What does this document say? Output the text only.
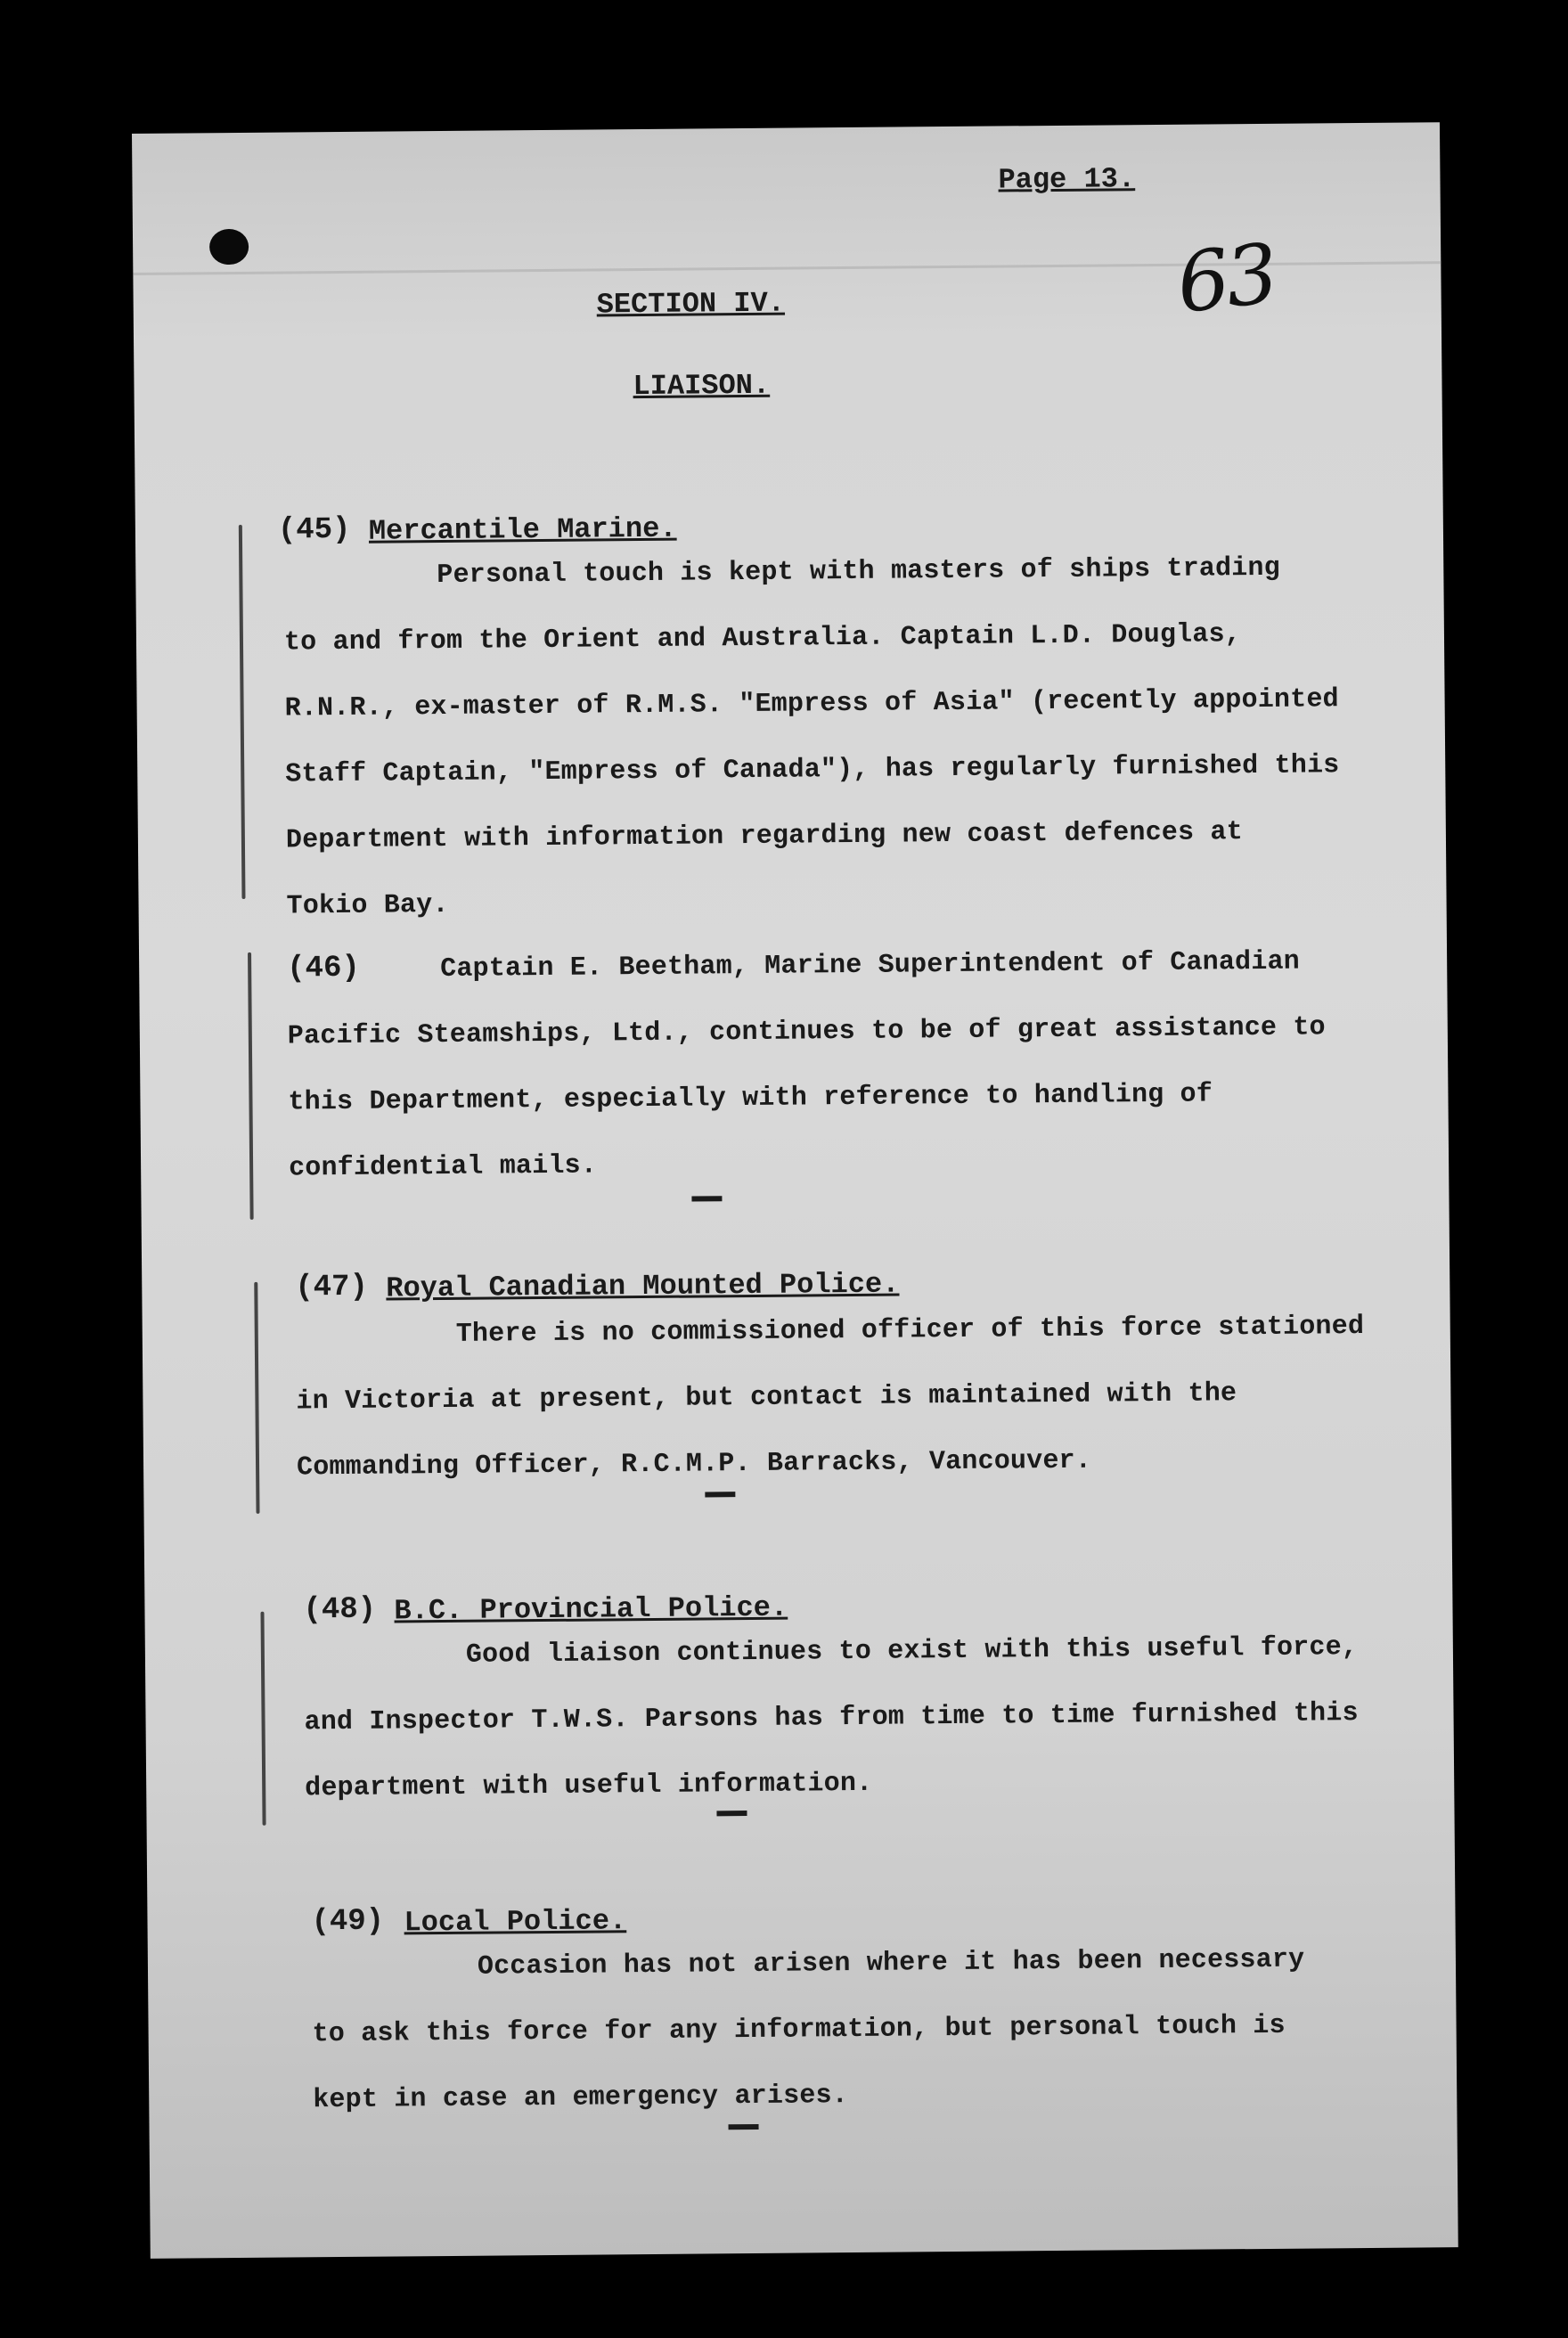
Page 13.
63
SECTION IV.
LIAISON.
(45) Mercantile Marine.
Personal touch is kept with masters of ships trading
to and from the Orient and Australia. Captain L.D. Douglas,
R.N.R., ex-master of R.M.S. "Empress of Asia" (recently appointed
Staff Captain, "Empress of Canada"), has regularly furnished this
Department with information regarding new coast defences at
Tokio Bay.
(46)	Captain E. Beetham, Marine Superintendent of Canadian
Pacific Steamships, Ltd., continues to be of great assistance to
this Department, especially with reference to handling of
confidential mails.
(47) Royal Canadian Mounted Police.
There is no commissioned officer of this force stationed
in Victoria at present, but contact is maintained with the
Commanding Officer, R.C.M.P. Barracks, Vancouver.
(48) B.C. Provincial Police.
Good liaison continues to exist with this useful force,
and Inspector T.W.S. Parsons has from time to time furnished this
department with useful information.
(49) Local Police.
Occasion has not arisen where it has been necessary
to ask this force for any information, but personal touch is
kept in case an emergency arises.
